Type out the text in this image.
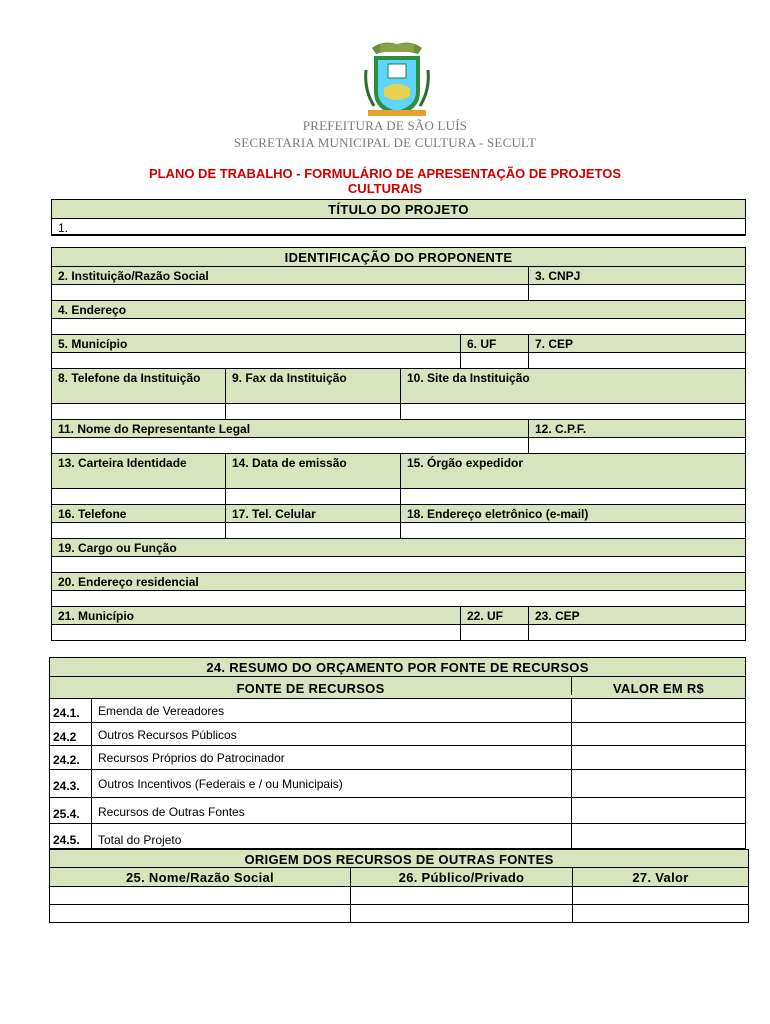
PREFEITURA DE SÃO LUÍS
SECRETARIA MUNICIPAL DE CULTURA - SECULT
PLANO DE TRABALHO - FORMULÁRIO DE APRESENTAÇÃO DE PROJETOS
CULTURAIS
TÍTULO DO PROJETO
1.
IDENTIFICAÇÃO DO PROPONENTE
2. Instituição/Razão Social	3. CNPJ
4. Endereço
5. Município	6. UF	7. CEP
8. Telefone da Instituição	9. Fax da Instituição	10. Site da Instituição
11. Nome do Representante Legal	12. C.P.F.
13. Carteira Identidade	14. Data de emissão	15. Órgão expedidor
16. Telefone	17. Tel. Celular	18. Endereço eletrônico (e-mail)
19. Cargo ou Função
20. Endereço residencial
21. Município	22. UF	23. CEP
24. RESUMO DO ORÇAMENTO POR FONTE DE RECURSOS
FONTE DE RECURSOS	VALOR EM R$
24.1.	Emenda de Vereadores
24.2	Outros Recursos Públicos
24.2.	Recursos Próprios do Patrocinador
24.3.	Outros Incentivos (Federais e / ou Municipais)
25.4.	Recursos de Outras Fontes
24.5.	Total do Projeto
ORIGEM DOS RECURSOS DE OUTRAS FONTES
25. Nome/Razão Social	26. Público/Privado	27. Valor
